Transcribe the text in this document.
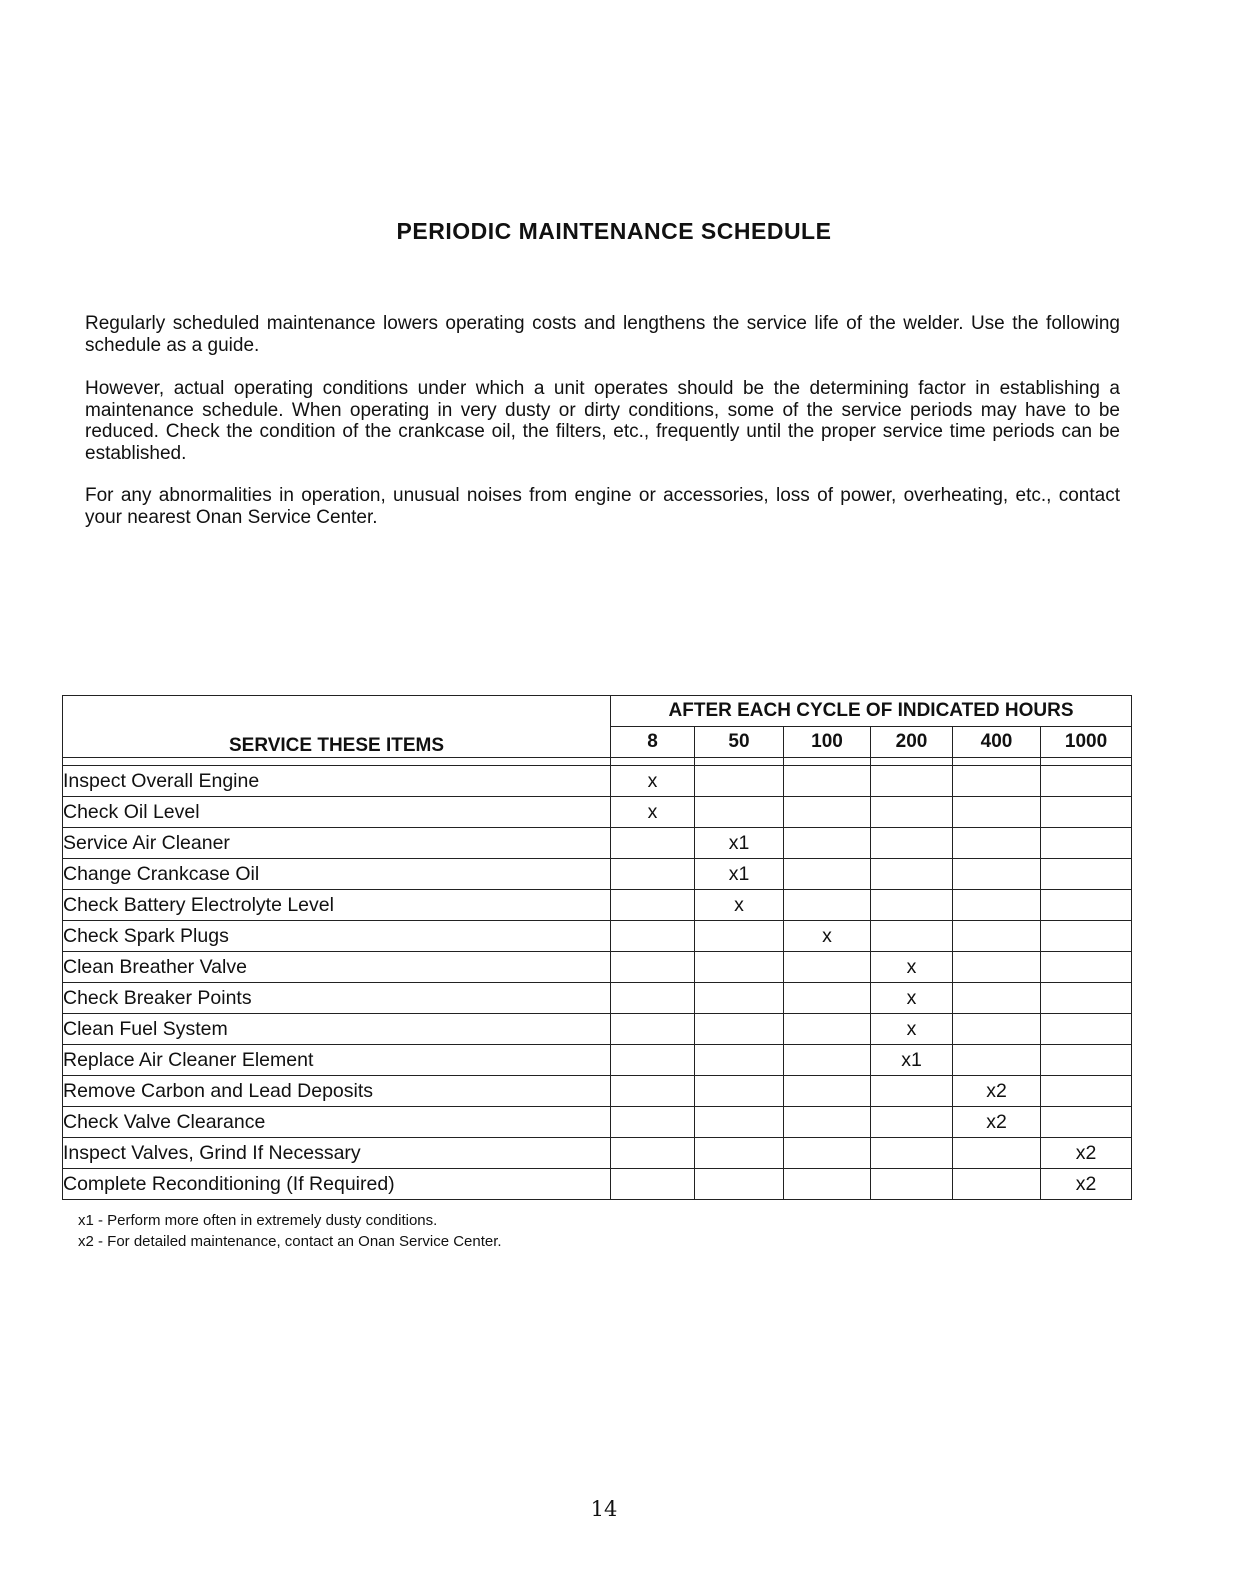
PERIODIC MAINTENANCE SCHEDULE

Regularly scheduled maintenance lowers operating costs and lengthens the service life of the welder. Use the following schedule as a guide.

However, actual operating conditions under which a unit operates should be the determining factor in establishing a maintenance schedule. When operating in very dusty or dirty conditions, some of the service periods may have to be reduced. Check the condition of the crankcase oil, the filters, etc., frequently until the proper service time periods can be established.

For any abnormalities in operation, unusual noises from engine or accessories, loss of power, overheating, etc., contact your nearest Onan Service Center.

SERVICE THESE ITEMS	AFTER EACH CYCLE OF INDICATED HOURS					
	8	50	100	200	400	1000

Inspect Overall Engine	x					
Check Oil Level	x					
Service Air Cleaner		x1				
Change Crankcase Oil		x1				
Check Battery Electrolyte Level		x				
Check Spark Plugs			x			
Clean Breather Valve				x		
Check Breaker Points				x		
Clean Fuel System				x		
Replace Air Cleaner Element				x1		
Remove Carbon and Lead Deposits					x2	
Check Valve Clearance					x2	
Inspect Valves, Grind If Necessary						x2
Complete Reconditioning (If Required)						x2
x1 - Perform more often in extremely dusty conditions.
x2 - For detailed maintenance, contact an Onan Service Center.
14
